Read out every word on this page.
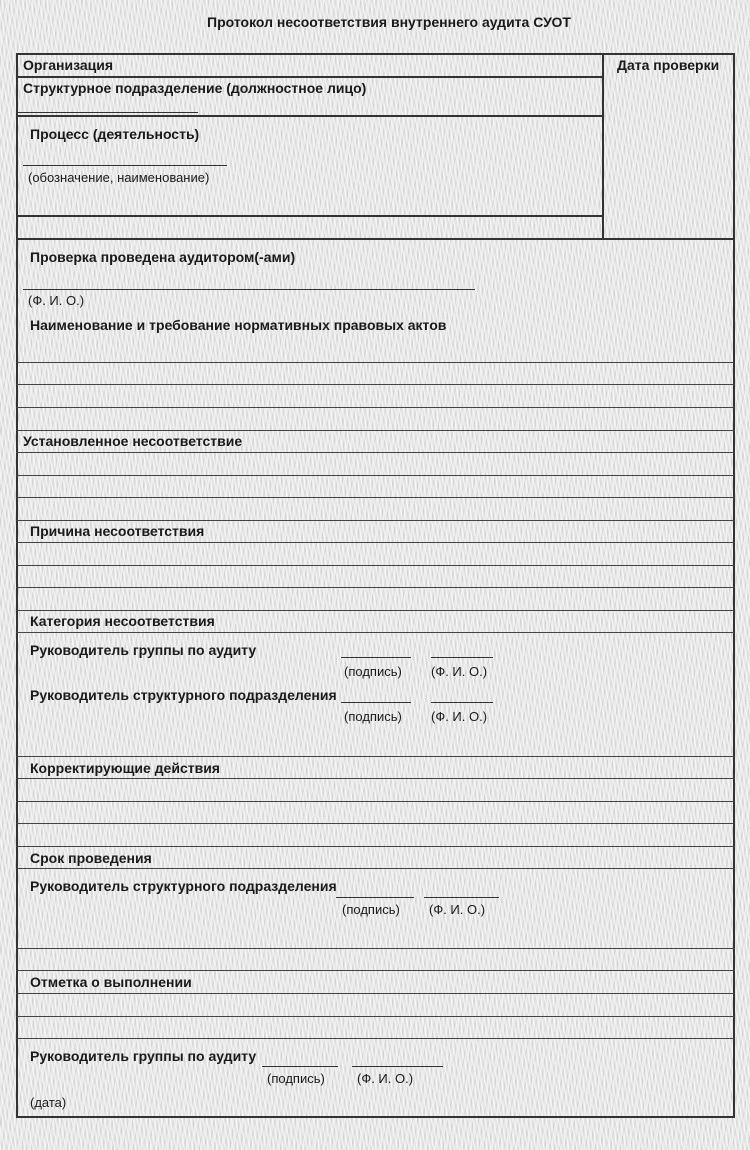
Протокол несоответствия внутреннего аудита СУОТ
Организация	Дата проверки
Структурное подразделение (должностное лицо)
Процесс (деятельность)
(обозначение, наименование)
Проверка проведена аудитором(-ами)
(Ф. И. О.)
Наименование и требование нормативных правовых актов
Установленное несоответствие
Причина несоответствия
Категория несоответствия
Руководитель группы по аудиту
(подпись) (Ф. И. О.)
Руководитель структурного подразделения
(подпись) (Ф. И. О.)
Корректирующие действия
Срок проведения
Руководитель структурного подразделения
(подпись) (Ф. И. О.)
Отметка о выполнении
Руководитель группы по аудиту
(подпись) (Ф. И. О.)
(дата)
